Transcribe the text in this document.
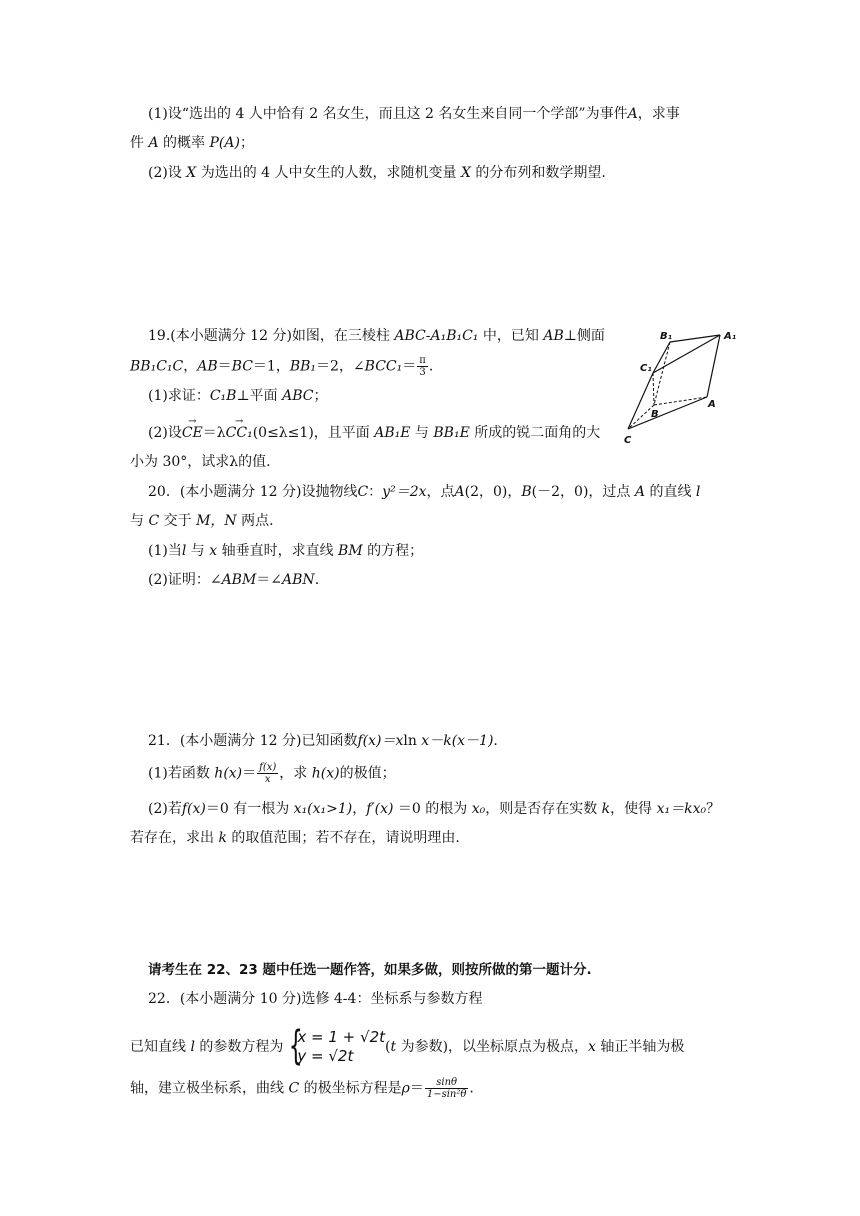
(1)设“选出的 4 人中恰有 2 名女生，而且这 2 名女生来自同一个学部”为事件A，求事
件 A 的概率 P(A)；
(2)设 X 为选出的 4 人中女生的人数，求随机变量 X 的分布列和数学期望.
19.(本小题满分 12 分)如图，在三棱柱 ABC-A₁B₁C₁ 中，已知 AB⊥侧面
BB₁C₁C，AB＝BC＝1，BB₁＝2，∠BCC₁＝ $\frac{\pi}{3}$ .
(1)求证：C₁B⊥平面 ABC；
(2)设→ CE＝λ→ CC₁(0≤λ≤1)，且平面 AB₁E 与 BB₁E 所成的锐二面角的大
小为 30°，试求λ的值.
B₁	A₁
C₁
B
A
C
20．(本小题满分 12 分)设抛物线C：y²＝2x，点A(2，0)，B(－2，0)，过点 A 的直线 l
与 C 交于 M，N 两点.
(1)当l 与 x 轴垂直时，求直线 BM 的方程；
(2)证明：∠ABM＝∠ABN.
21．(本小题满分 12 分)已知函数f(x)＝xln x－k(x－1).
(1)若函数 $h(x)= \frac{f(x)}{x}$ ，求 h(x)的极值；
(2)若f(x)＝0 有一根为 x₁(x₁>1)，f′(x) ＝0 的根为 x₀，则是否存在实数 k，使得 x₁＝kx₀？
若存在，求出 k 的取值范围；若不存在，请说明理由.
请考生在 22、23 题中任选一题作答，如果多做，则按所做的第一题计分.
22．(本小题满分 10 分)选修 4-4：坐标系与参数方程
已知直线 l 的参数方程为 {
x = 1 + √2t
y = √2t	(t 为参数)，以坐标原点为极点，x 轴正半轴为极
轴，建立极坐标系，曲线 C 的极坐标方程是$\rho= \frac{\sin\theta}{\text{1−sin²θ}}$ .
